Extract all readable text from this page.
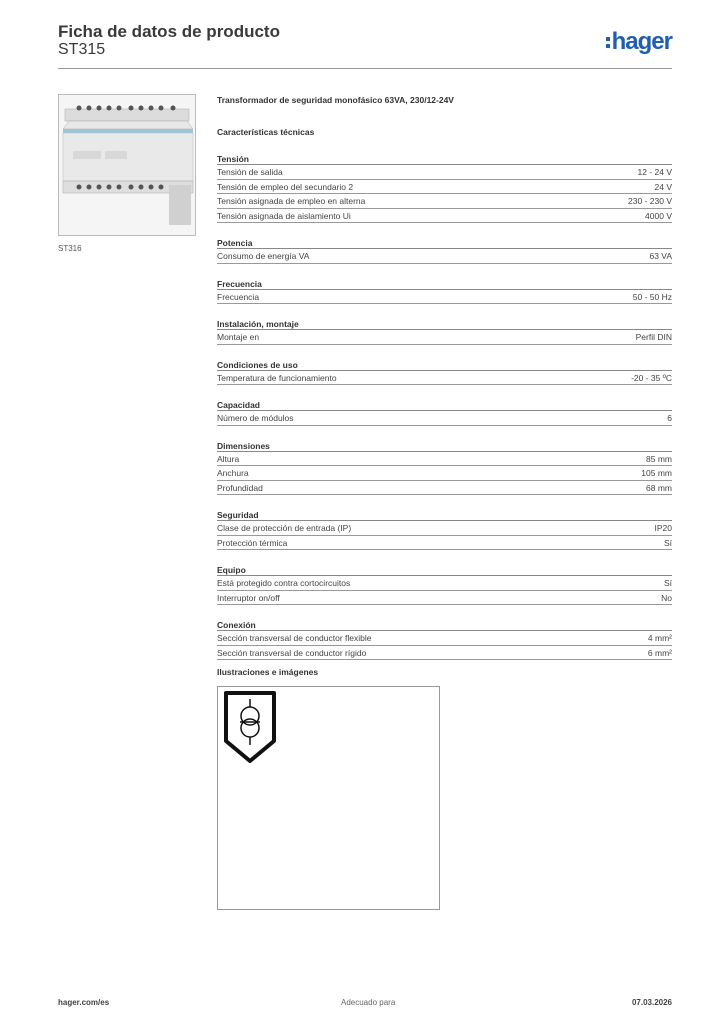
Ficha de datos de producto
ST315	hager
ST316
Transformador de seguridad monofásico 63VA, 230/12-24V
Características técnicas
Tensión
Tensión de salida	12 - 24 V
Tensión de empleo del secundario 2	24 V
Tensión asignada de empleo en alterna	230 - 230 V
Tensión asignada de aislamiento Ui	4000 V
Potencia
Consumo de energía VA	63 VA
Frecuencia
Frecuencia	50 - 50 Hz
Instalación, montaje
Montaje en	Perfil DIN
Condiciones de uso
Temperatura de funcionamiento	-20 - 35 ºC
Capacidad
Número de módulos	6
Dimensiones
Altura	85 mm
Anchura	105 mm
Profundidad	68 mm
Seguridad
Clase de protección de entrada (IP)	IP20
Protección térmica	Sí
Equipo
Está protegido contra cortocircuitos	Sí
Interruptor on/off	No
Conexión
Sección transversal de conductor flexible	4 mm²
Sección transversal de conductor rígido	6 mm²
Ilustraciones e imágenes
hager.com/es	Adecuado para	07.03.2026
